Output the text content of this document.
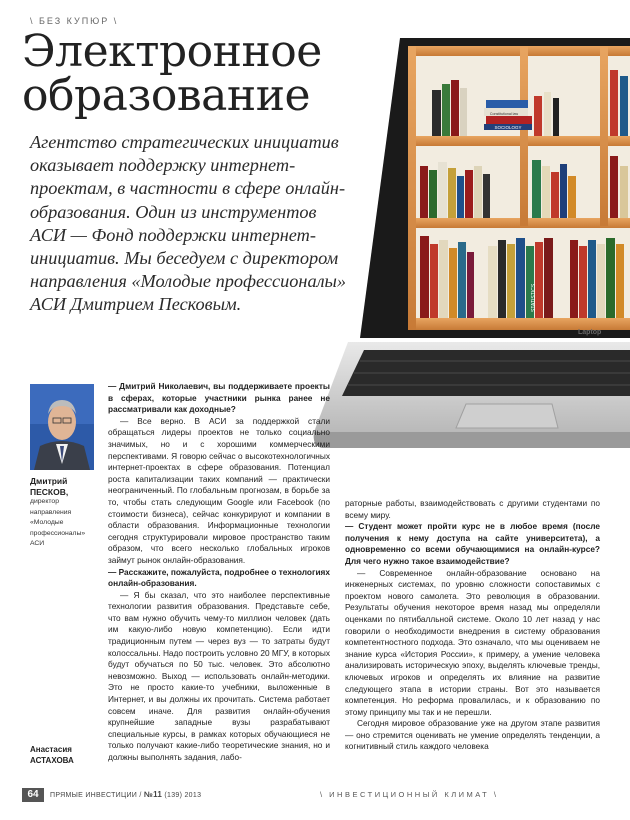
\ БЕЗ КУПЮР \
Электронное
образование
Агентство стратегических инициатив оказывает поддержку интернет-проектам, в частности в сфере онлайн-образования. Один из инструментов АСИ — Фонд поддержки интернет-инициатив. Мы беседуем с директором направления «Молодые профессионалы» АСИ Дмитрием Песковым.
Constitutional law
SOCIOLOGY
STATISTICS
Laptop
Дмитрий
ПЕСКОВ,
директор направления «Молодые профессионалы» АСИ
Анастасия
АСТАХОВА

— Дмитрий Николаевич, вы поддерживаете проекты в сферах, которые участники рынка ранее не рассматривали как доходные?

— Все верно. В АСИ за поддержкой стали обращаться лидеры проектов не только социально значимых, но и с хорошими коммерческими перспективами. Я говорю сейчас о высокотехнологичных интернет-проектах в сфере образования. Потенциал роста капитализации таких компаний — практически неограниченный. По глобальным прогнозам, в борьбе за то, чтобы стать следующим Google или Facebook (по стоимости бизнеса), сейчас конкурируют и компании в области образования. Информационные технологии сегодня структурировали мировое пространство таким образом, что всего несколько глобальных игроков займут рынок онлайн-образования.

— Расскажите, пожалуйста, подробнее о технологиях онлайн-образования.

— Я бы сказал, что это наиболее перспективные технологии развития образования. Представьте себе, что вам нужно обучить чему-то миллион человек (дать им какую-либо новую компетенцию). Если идти традиционным путем — через вуз — то затраты будут колоссальны. Надо построить условно 20 МГУ, в которых будут обучаться по 50 тыс. человек. Это абсолютно невозможно. Выход — использовать онлайн-методики. Это не просто какие-то учебники, выложенные в Интернет, и вы должны их прочитать. Система работает совсем иначе. Для развития онлайн-обучения крупнейшие западные вузы разрабатывают специальные курсы, в рамках которых обучающиеся не только получают какие-либо теоретические знания, но и должны выполнять задания, лабо-

раторные работы, взаимодействовать с другими студентами по всему миру.

— Студент может пройти курс не в любое время (после получения к нему доступа на сайте университета), а одновременно со всеми обучающимися на онлайн-курсе? Для чего нужно такое взаимодействие?

— Современное онлайн-образование основано на инженерных системах, по уровню сложности сопоставимых с проектом нового самолета. Это революция в образовании. Результаты обучения некоторое время назад мы определяли оценками по пятибалльной системе. Около 10 лет назад у нас говорили о необходимости внедрения в систему образования компетентностного подхода. Это означало, что мы оцениваем не знание курса «История России», к примеру, а умение человека анализировать историческую эпоху, выделять ключевые тренды, ключевых игроков и определять их влияние на развитие следующего этапа в истории страны. Вот это называется компетенция. Но реформа провалилась, и к образованию по этому принципу мы так и не перешли.

Сегодня мировое образование уже на другом этапе развития — оно стремится оценивать не умение определять тенденции, а когнитивный стиль каждого человека

64	ПРЯМЫЕ ИНВЕСТИЦИИ / №11 (139) 2013	\ ИНВЕСТИЦИОННЫЙ КЛИМАТ \
